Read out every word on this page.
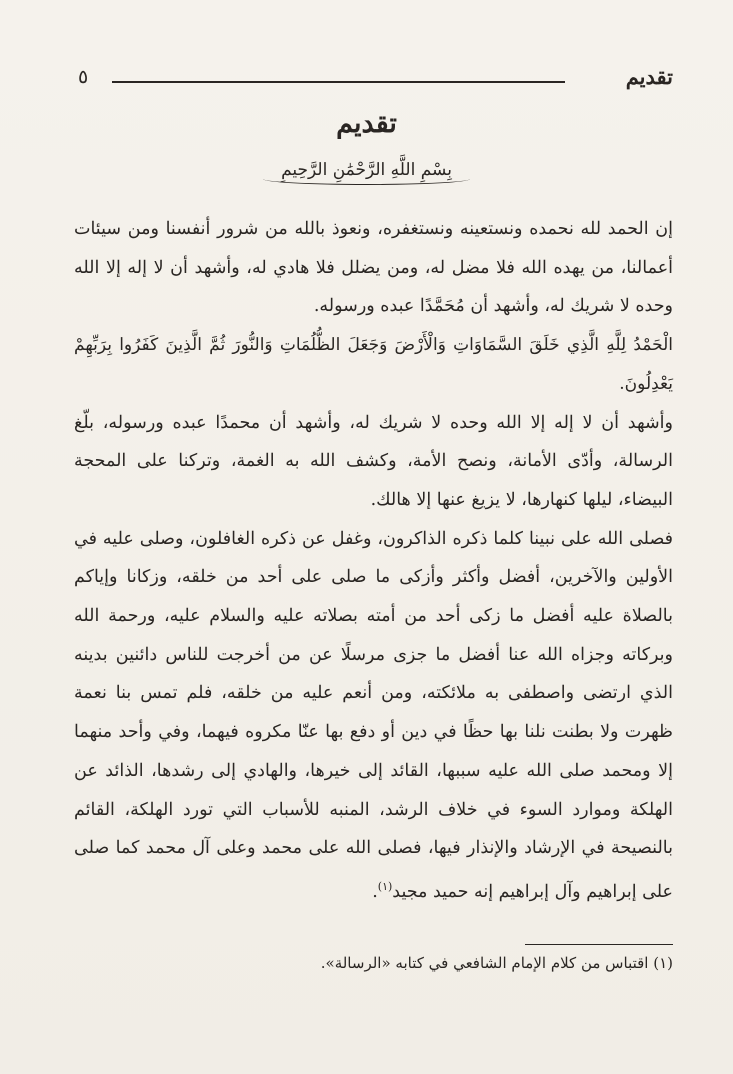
تقديم
٥
تقديم
بِسْمِ اللَّهِ الرَّحْمَٰنِ الرَّحِيمِ

إن الحمد لله نحمده ونستعينه ونستغفره، ونعوذ بالله من شرور أنفسنا ومن سيئات أعمالنا، من يهده الله فلا مضل له، ومن يضلل فلا هادي له، وأشهد أن لا إله إلا الله وحده لا شريك له، وأشهد أن مُحَمَّدًا عبده ورسوله.

الْحَمْدُ لِلَّهِ الَّذِي خَلَقَ السَّمَاوَاتِ وَالْأَرْضَ وَجَعَلَ الظُّلُمَاتِ وَالنُّورَ ثُمَّ الَّذِينَ كَفَرُوا بِرَبِّهِمْ يَعْدِلُونَ.

وأشهد أن لا إله إلا الله وحده لا شريك له، وأشهد أن محمدًا عبده ورسوله، بلّغ الرسالة، وأدّى الأمانة، ونصح الأمة، وكشف الله به الغمة، وتركنا على المحجة البيضاء، ليلها كنهارها، لا يزيغ عنها إلا هالك.

فصلى الله على نبينا كلما ذكره الذاكرون، وغفل عن ذكره الغافلون، وصلى عليه في الأولين والآخرين، أفضل وأكثر وأزكى ما صلى على أحد من خلقه، وزكانا وإياكم بالصلاة عليه أفضل ما زكى أحد من أمته بصلاته عليه والسلام عليه، ورحمة الله وبركاته وجزاه الله عنا أفضل ما جزى مرسلًا عن من أخرجت للناس دائنين بدينه الذي ارتضى واصطفى به ملائكته، ومن أنعم عليه من خلقه، فلم تمس بنا نعمة ظهرت ولا بطنت نلنا بها حظًا في دين أو دفع بها عنّا مكروه فيهما، وفي وأحد منهما إلا ومحمد صلى الله عليه سببها، القائد إلى خيرها، والهادي إلى رشدها، الذائد عن الهلكة وموارد السوء في خلاف الرشد، المنبه للأسباب التي تورد الهلكة، القائم بالنصيحة في الإرشاد والإنذار فيها، فصلى الله على محمد وعلى آل محمد كما صلى على إبراهيم وآل إبراهيم إنه حميد مجيد$^{(١)}$.

(١) اقتباس من كلام الإمام الشافعي في كتابه «الرسالة».
